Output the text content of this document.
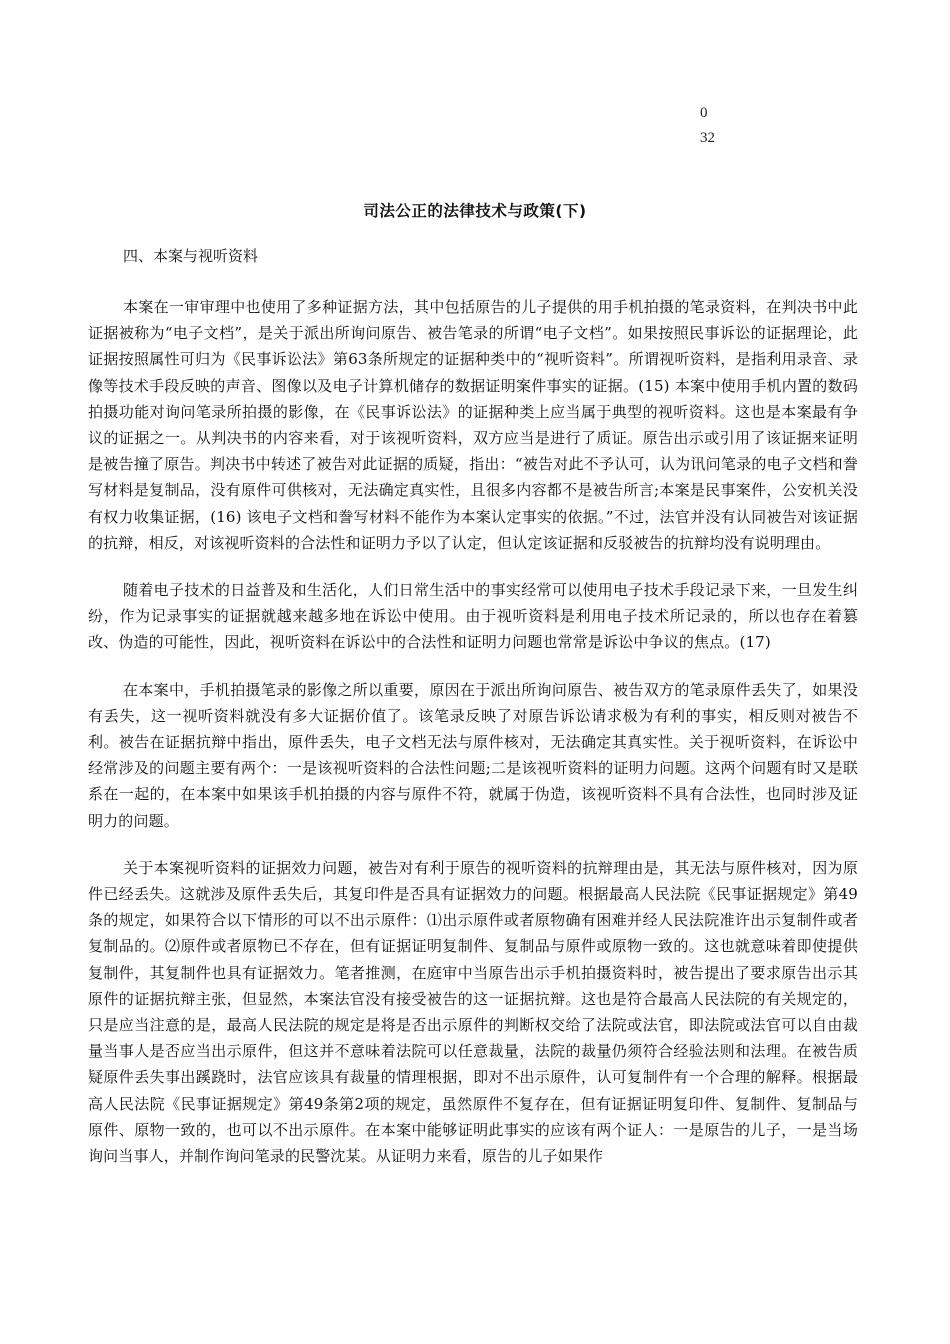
0
32
司法公正的法律技术与政策(下)
四、本案与视听资料

本案在一审审理中也使用了多种证据方法，其中包括原告的儿子提供的用手机拍摄的笔录资料，在判决书中此证据被称为“电子文档”，是关于派出所询问原告、被告笔录的所谓“电子文档”。如果按照民事诉讼的证据理论，此证据按照属性可归为《民事诉讼法》第63条所规定的证据种类中的“视听资料”。所谓视听资料，是指利用录音、录像等技术手段反映的声音、图像以及电子计算机储存的数据证明案件事实的证据。(15) 本案中使用手机内置的数码拍摄功能对询问笔录所拍摄的影像，在《民事诉讼法》的证据种类上应当属于典型的视听资料。这也是本案最有争议的证据之一。从判决书的内容来看，对于该视听资料，双方应当是进行了质证。原告出示或引用了该证据来证明是被告撞了原告。判决书中转述了被告对此证据的质疑，指出：“被告对此不予认可，认为讯问笔录的电子文档和誊写材料是复制品，没有原件可供核对，无法确定真实性，且很多内容都不是被告所言;本案是民事案件，公安机关没有权力收集证据，(16) 该电子文档和誊写材料不能作为本案认定事实的依据。”不过，法官并没有认同被告对该证据的抗辩，相反，对该视听资料的合法性和证明力予以了认定，但认定该证据和反驳被告的抗辩均没有说明理由。

随着电子技术的日益普及和生活化，人们日常生活中的事实经常可以使用电子技术手段记录下来，一旦发生纠纷，作为记录事实的证据就越来越多地在诉讼中使用。由于视听资料是利用电子技术所记录的，所以也存在着篡改、伪造的可能性，因此，视听资料在诉讼中的合法性和证明力问题也常常是诉讼中争议的焦点。(17)

在本案中，手机拍摄笔录的影像之所以重要，原因在于派出所询问原告、被告双方的笔录原件丢失了，如果没有丢失，这一视听资料就没有多大证据价值了。该笔录反映了对原告诉讼请求极为有利的事实，相反则对被告不利。被告在证据抗辩中指出，原件丢失，电子文档无法与原件核对，无法确定其真实性。关于视听资料，在诉讼中经常涉及的问题主要有两个：一是该视听资料的合法性问题;二是该视听资料的证明力问题。这两个问题有时又是联系在一起的，在本案中如果该手机拍摄的内容与原件不符，就属于伪造，该视听资料不具有合法性，也同时涉及证明力的问题。

关于本案视听资料的证据效力问题，被告对有利于原告的视听资料的抗辩理由是，其无法与原件核对，因为原件已经丢失。这就涉及原件丢失后，其复印件是否具有证据效力的问题。根据最高人民法院《民事证据规定》第49条的规定，如果符合以下情形的可以不出示原件：⑴出示原件或者原物确有困难并经人民法院准许出示复制件或者复制品的。⑵原件或者原物已不存在，但有证据证明复制件、复制品与原件或原物一致的。这也就意味着即使提供复制件，其复制件也具有证据效力。笔者推测，在庭审中当原告出示手机拍摄资料时，被告提出了要求原告出示其原件的证据抗辩主张，但显然，本案法官没有接受被告的这一证据抗辩。这也是符合最高人民法院的有关规定的，只是应当注意的是，最高人民法院的规定是将是否出示原件的判断权交给了法院或法官，即法院或法官可以自由裁量当事人是否应当出示原件，但这并不意味着法院可以任意裁量，法院的裁量仍须符合经验法则和法理。在被告质疑原件丢失事出蹊跷时，法官应该具有裁量的情理根据，即对不出示原件，认可复制件有一个合理的解释。根据最高人民法院《民事证据规定》第49条第2项的规定，虽然原件不复存在，但有证据证明复印件、复制件、复制品与原件、原物一致的，也可以不出示原件。在本案中能够证明此事实的应该有两个证人：一是原告的儿子，一是当场询问当事人，并制作询问笔录的民警沈某。从证明力来看，原告的儿子如果作
